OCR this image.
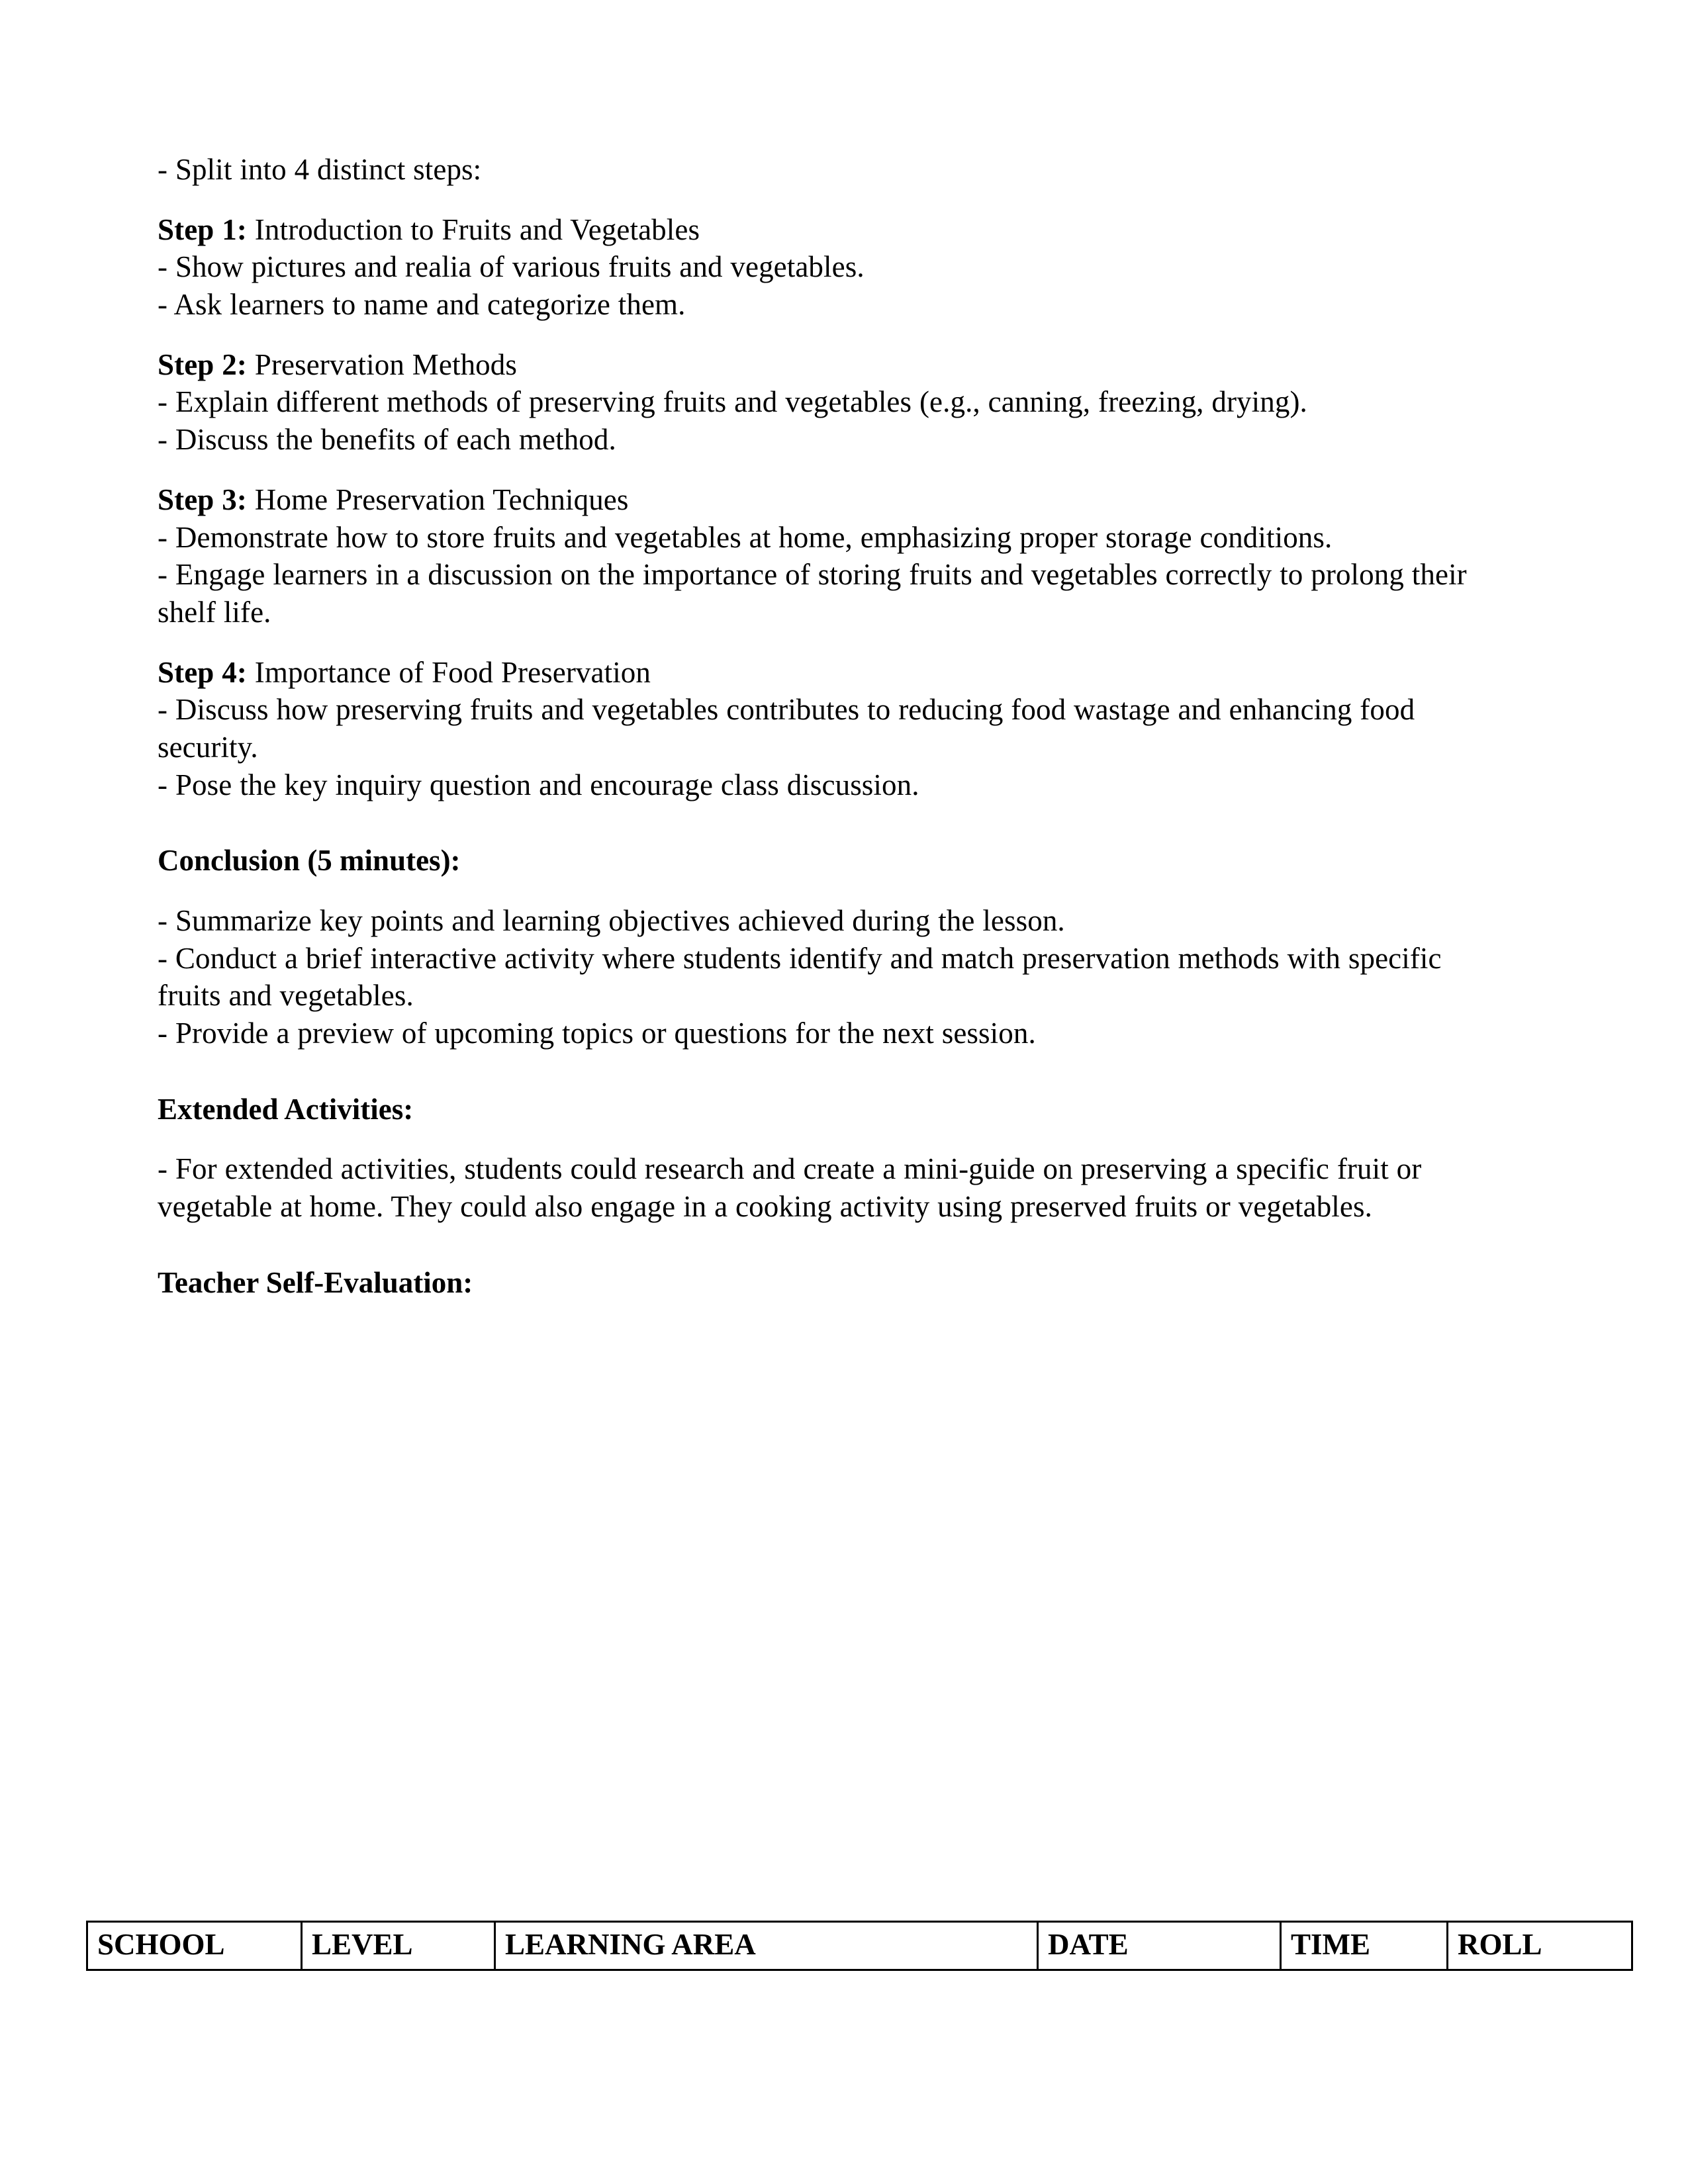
- Split into 4 distinct steps:

Step 1: Introduction to Fruits and Vegetables
- Show pictures and realia of various fruits and vegetables.
- Ask learners to name and categorize them.

Step 2: Preservation Methods
- Explain different methods of preserving fruits and vegetables (e.g., canning, freezing, drying).
- Discuss the benefits of each method.

Step 3: Home Preservation Techniques
- Demonstrate how to store fruits and vegetables at home, emphasizing proper storage conditions.
- Engage learners in a discussion on the importance of storing fruits and vegetables correctly to prolong their shelf life.

Step 4: Importance of Food Preservation
- Discuss how preserving fruits and vegetables contributes to reducing food wastage and enhancing food security.
- Pose the key inquiry question and encourage class discussion.

Conclusion (5 minutes):

- Summarize key points and learning objectives achieved during the lesson.
- Conduct a brief interactive activity where students identify and match preservation methods with specific fruits and vegetables.
- Provide a preview of upcoming topics or questions for the next session.

Extended Activities:

- For extended activities, students could research and create a mini-guide on preserving a specific fruit or vegetable at home. They could also engage in a cooking activity using preserved fruits or vegetables.

Teacher Self-Evaluation:

SCHOOL	LEVEL	LEARNING AREA	DATE	TIME	ROLL
